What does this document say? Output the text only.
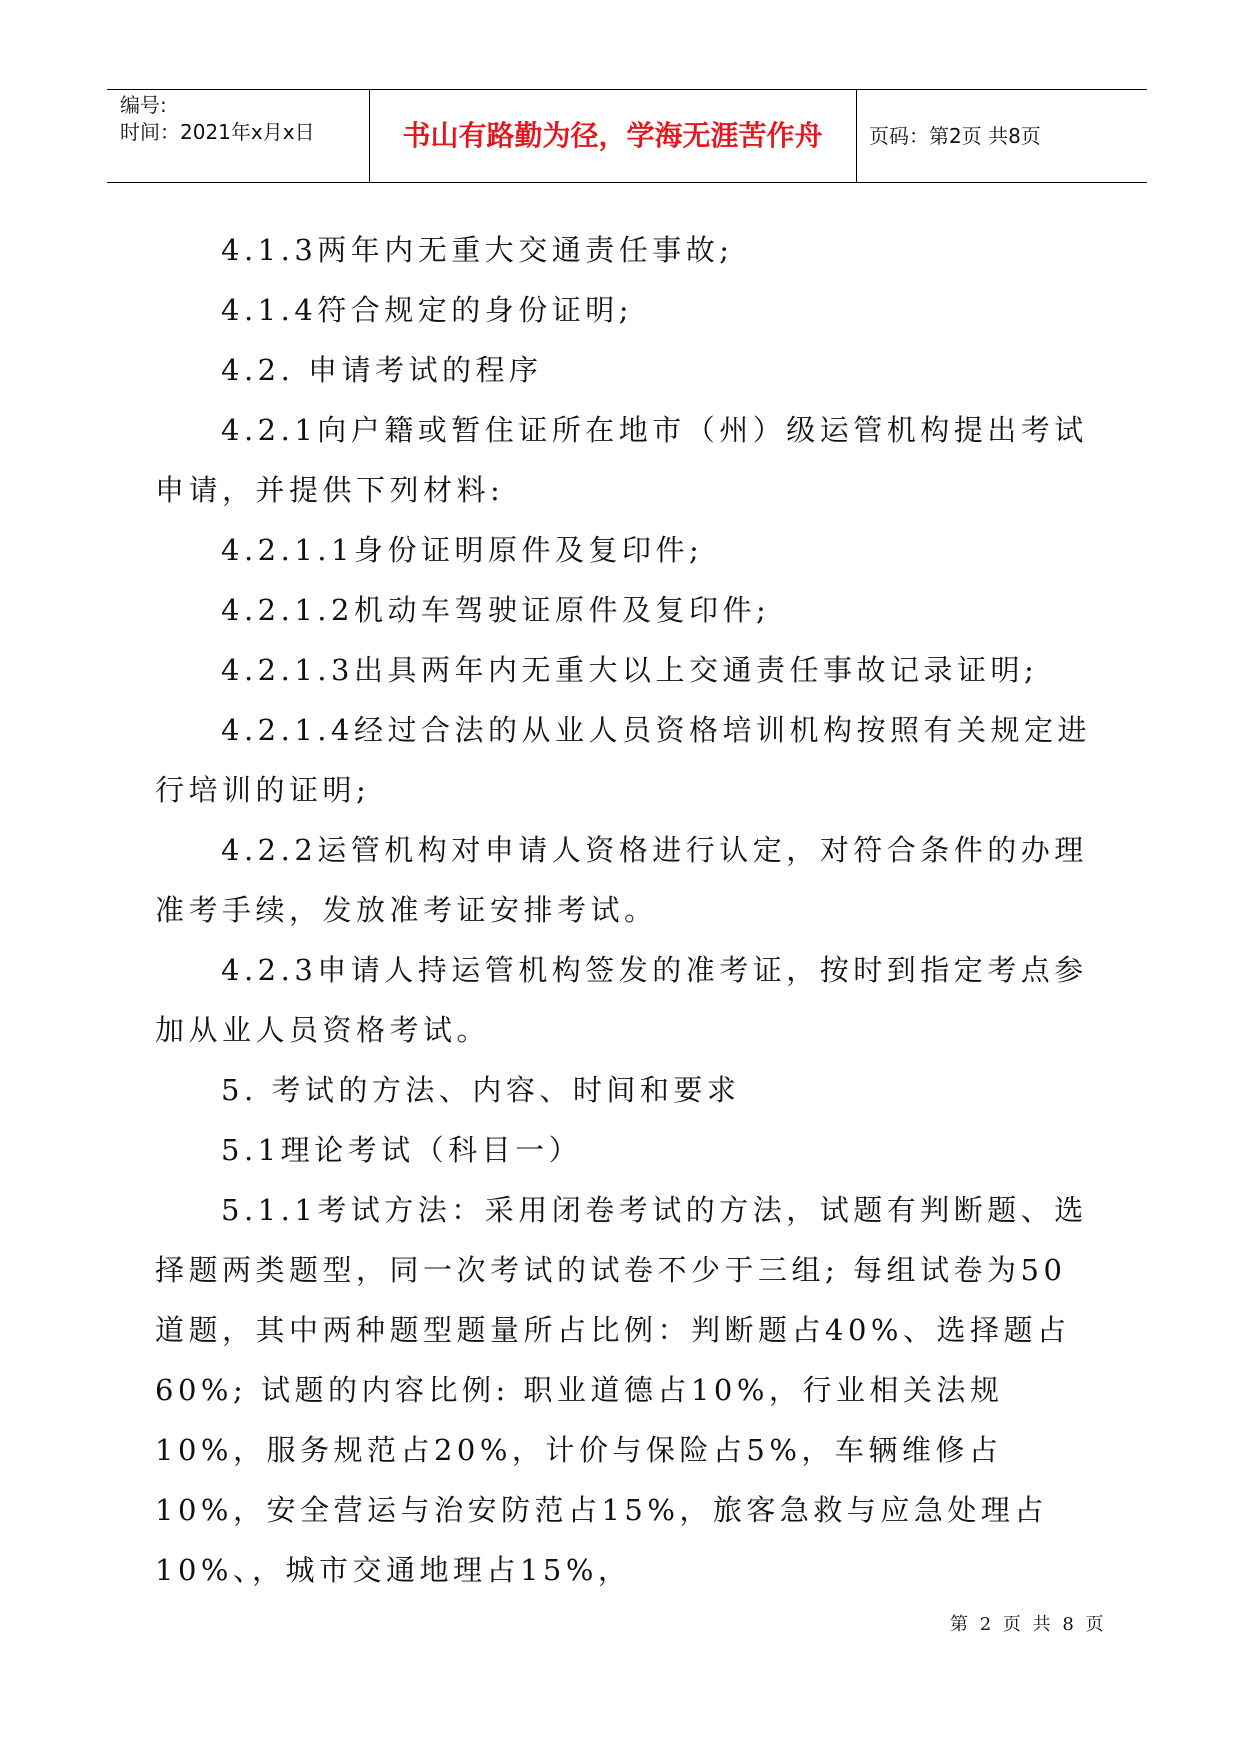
编号:
时间：2021年x月x日	书山有路勤为径，学海无涯苦作舟	页码：第2页 共8页

4.1.3两年内无重大交通责任事故;

4.1.4符合规定的身份证明;

4.2. 申请考试的程序

4.2.1向户籍或暂住证所在地市（州）级运管机构提出考试申请，并提供下列材料:

4.2.1.1身份证明原件及复印件;

4.2.1.2机动车驾驶证原件及复印件;

4.2.1.3出具两年内无重大以上交通责任事故记录证明;

4.2.1.4经过合法的从业人员资格培训机构按照有关规定进行培训的证明;

4.2.2运管机构对申请人资格进行认定，对符合条件的办理准考手续，发放准考证安排考试。

4.2.3申请人持运管机构签发的准考证，按时到指定考点参加从业人员资格考试。

5. 考试的方法、内容、时间和要求

5.1理论考试（科目一）

5.1.1考试方法：采用闭卷考试的方法，试题有判断题、选择题两类题型，同一次考试的试卷不少于三组; 每组试卷为50道题，其中两种题型题量所占比例：判断题占40%、选择题占60%; 试题的内容比例: 职业道德占10%，行业相关法规10%，服务规范占20%，计价与保险占5%，车辆维修占10%，安全营运与治安防范占15%，旅客急救与应急处理占10%、，城市交通地理占15%，

第 2 页 共 8 页
